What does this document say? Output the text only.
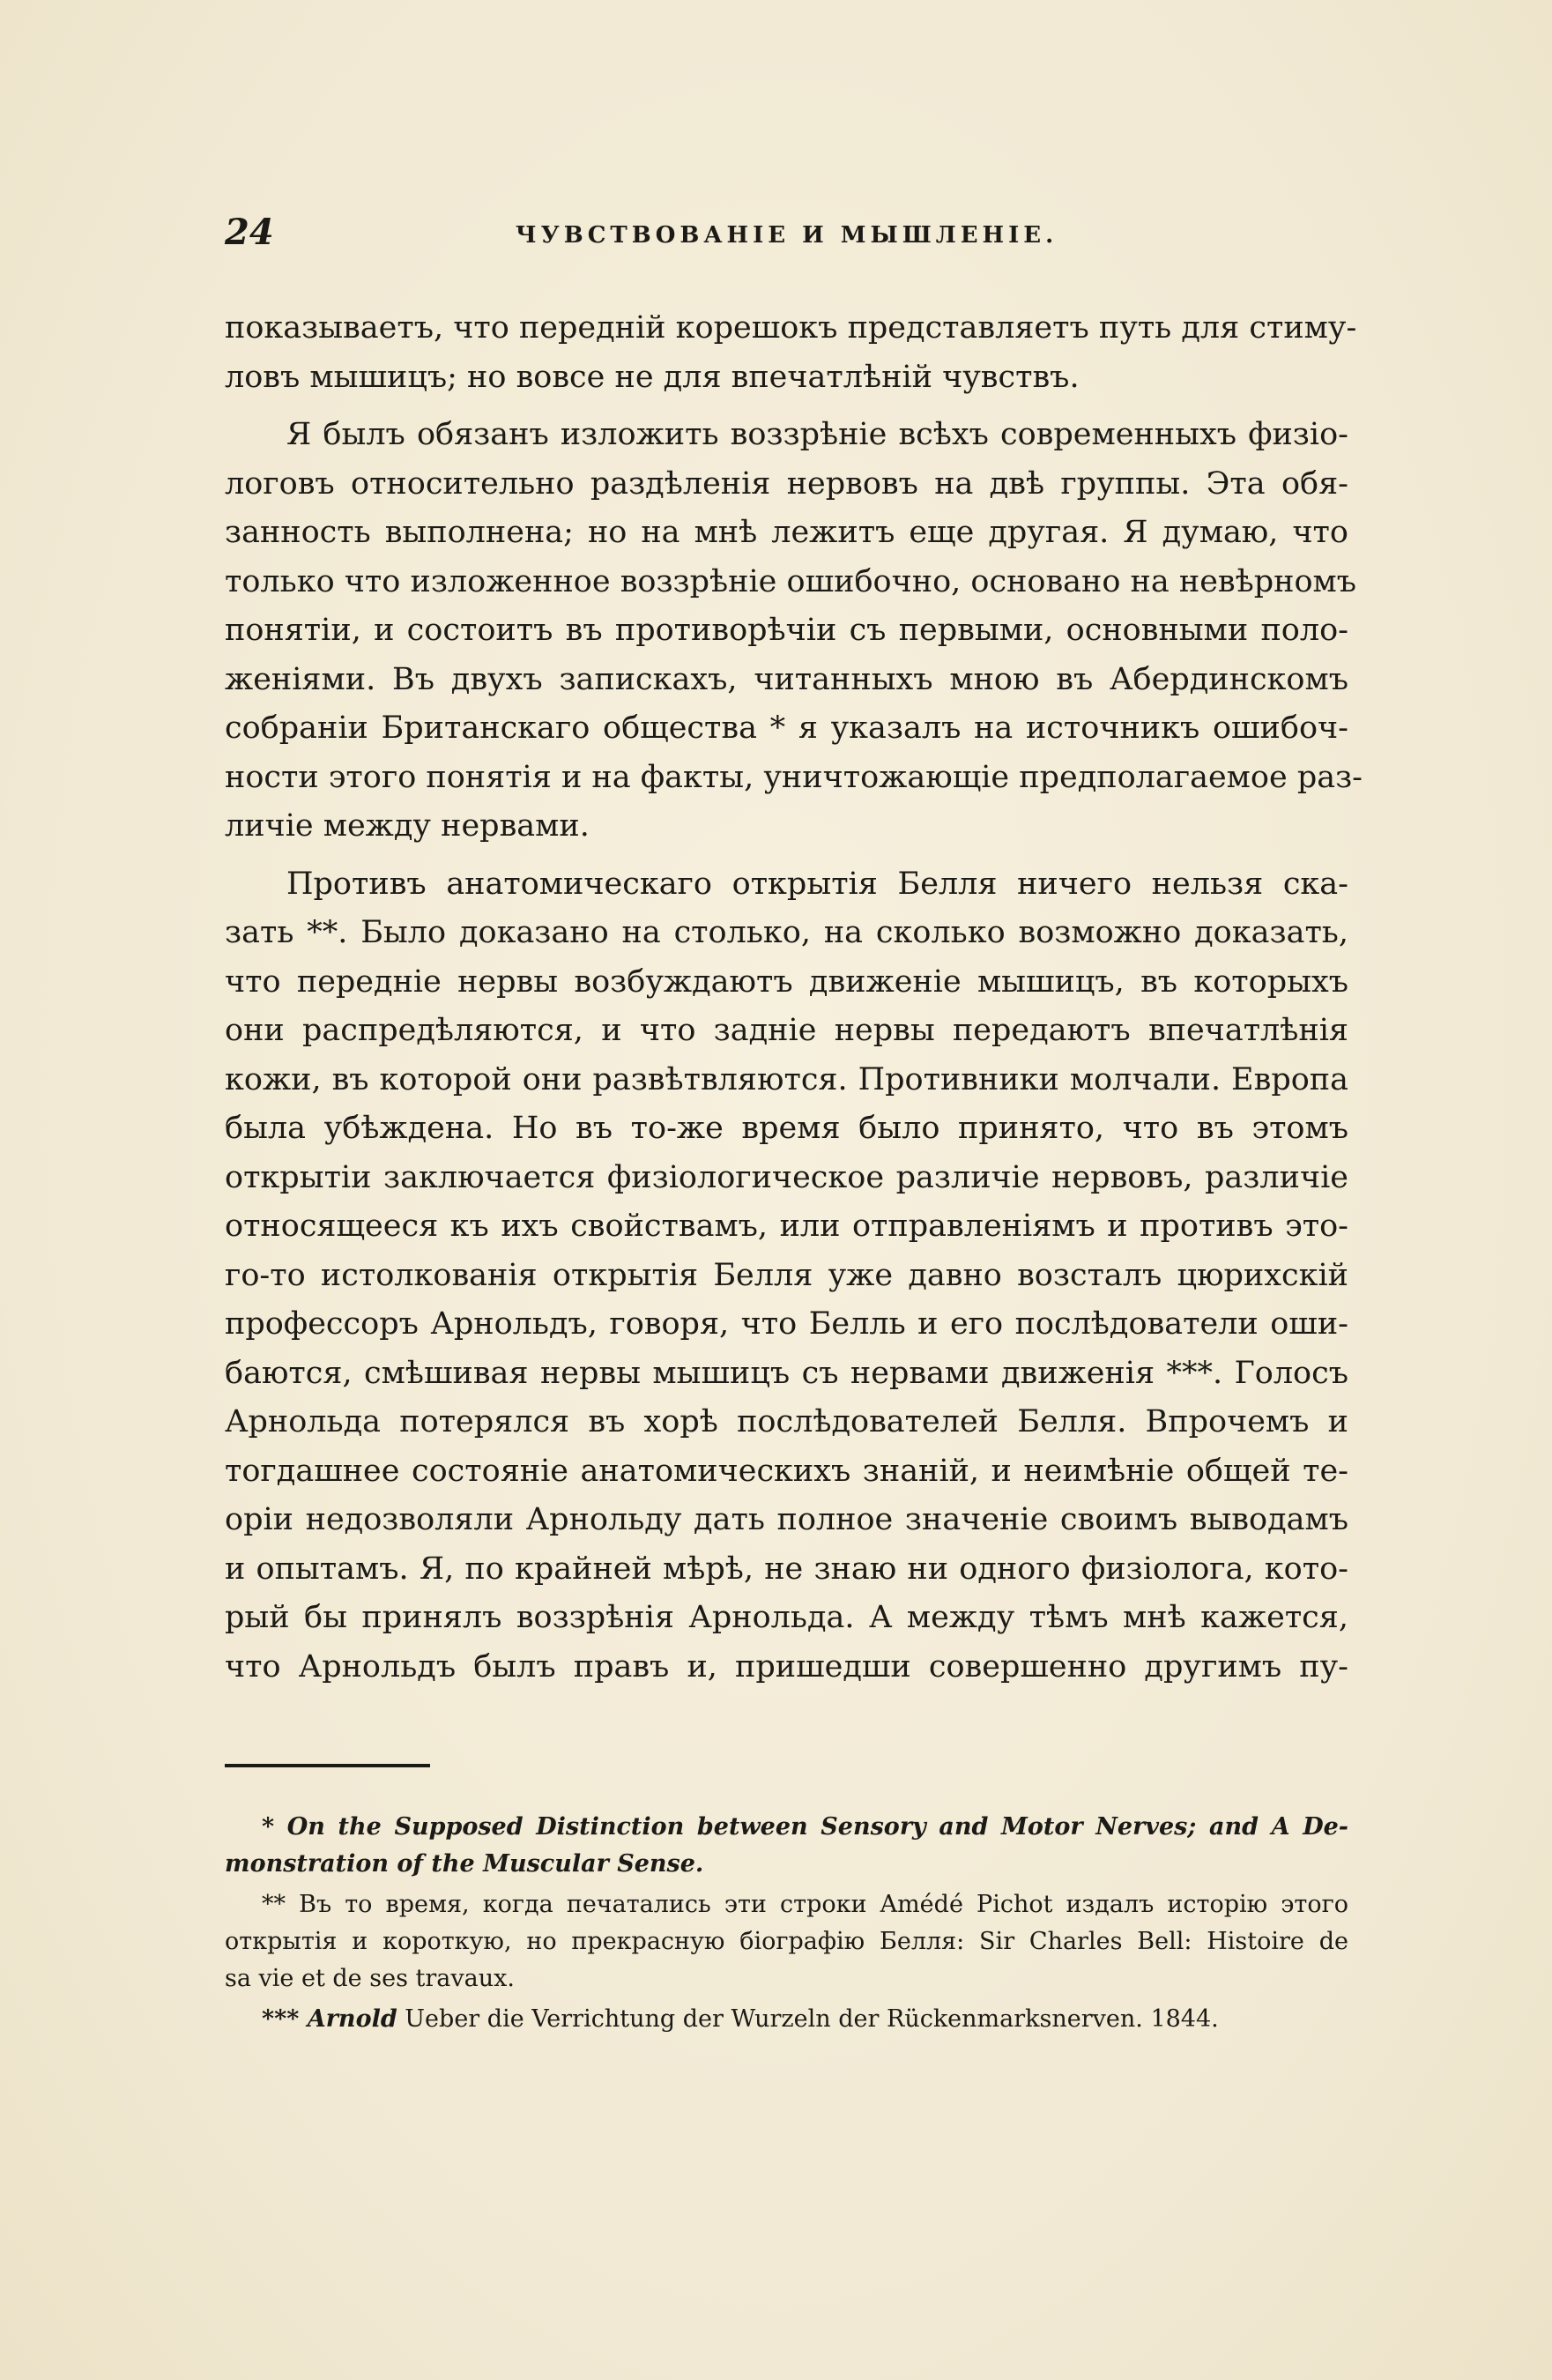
24	ЧУВСТВОВАНІЕ И МЫШЛЕНІЕ.
показываетъ, что передній корешокъ представляетъ путь для стиму-
ловъ мышицъ; но вовсе не для впечатлѣній чувствъ.
Я былъ обязанъ изложить воззрѣніе всѣхъ современныхъ физіо-
логовъ относительно раздѣленія нервовъ на двѣ группы. Эта обя-
занность выполнена; но на мнѣ лежитъ еще другая. Я думаю, что
только что изложенное воззрѣніе ошибочно, основано на невѣрномъ
понятіи, и состоитъ въ противорѣчіи съ первыми, основными поло-
женіями. Въ двухъ запискахъ, читанныхъ мною въ Абердинскомъ
собраніи Британскаго общества * я указалъ на источникъ ошибоч-
ности этого понятія и на факты, уничтожающіе предполагаемое раз-
личіе между нервами.
Противъ анатомическаго открытія Белля ничего нельзя ска-
зать **. Было доказано на столько, на сколько возможно доказать,
что передніе нервы возбуждаютъ движеніе мышицъ, въ которыхъ
они распредѣляются, и что задніе нервы передаютъ впечатлѣнія
кожи, въ которой они развѣтвляются. Противники молчали. Европа
была убѣждена. Но въ то-же время было принято, что въ этомъ
открытіи заключается физіологическое различіе нервовъ, различіе
относящееся къ ихъ свойствамъ, или отправленіямъ и противъ это-
го-то истолкованія открытія Белля уже давно возсталъ цюрихскій
профессоръ Арнольдъ, говоря, что Белль и его послѣдователи оши-
баются, смѣшивая нервы мышицъ съ нервами движенія ***. Голосъ
Арнольда потерялся въ хорѣ послѣдователей Белля. Впрочемъ и
тогдашнее состояніе анатомическихъ знаній, и неимѣніе общей те-
оріи недозволяли Арнольду дать полное значеніе своимъ выводамъ
и опытамъ. Я, по крайней мѣрѣ, не знаю ни одного физіолога, кото-
рый бы принялъ воззрѣнія Арнольда. А между тѣмъ мнѣ кажется,
что Арнольдъ былъ правъ и, пришедши совершенно другимъ пу-
* On the Supposed Distinction between Sensory and Motor Nerves; and A De-
monstration of the Muscular Sense.
** Въ то время, когда печатались эти строки Amédé Pichot издалъ исторію этого
открытія и короткую, но прекрасную біографію Белля: Sir Charles Bell: Histoire de
sa vie et de ses travaux.
*** Arnold Ueber die Verrichtung der Wurzeln der Rückenmarksnerven. 1844.
